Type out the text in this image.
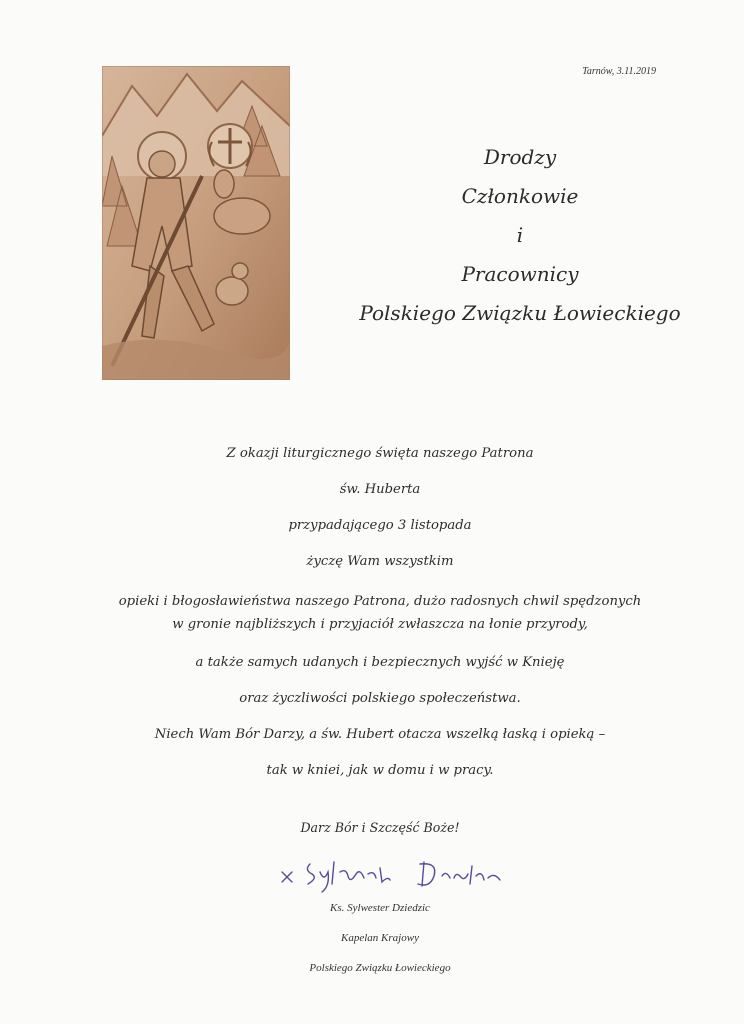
Tarnów, 3.11.2019
Drodzy
Członkowie
i
Pracownicy
Polskiego Związku Łowieckiego
Z okazji liturgicznego święta naszego Patrona
św. Huberta
przypadającego 3 listopada
życzę Wam wszystkim
opieki i błogosławieństwa naszego Patrona, dużo radosnych chwil spędzonych
w gronie najbliższych i przyjaciół zwłaszcza na łonie przyrody,
a także samych udanych i bezpiecznych wyjść w Knieję
oraz życzliwości polskiego społeczeństwa.
Niech Wam Bór Darzy, a św. Hubert otacza wszelką łaską i opieką –
tak w kniei, jak w domu i w pracy.
Darz Bór i Szczęść Boże!
Ks. Sylwester Dziedzic
Kapelan Krajowy
Polskiego Związku Łowieckiego
